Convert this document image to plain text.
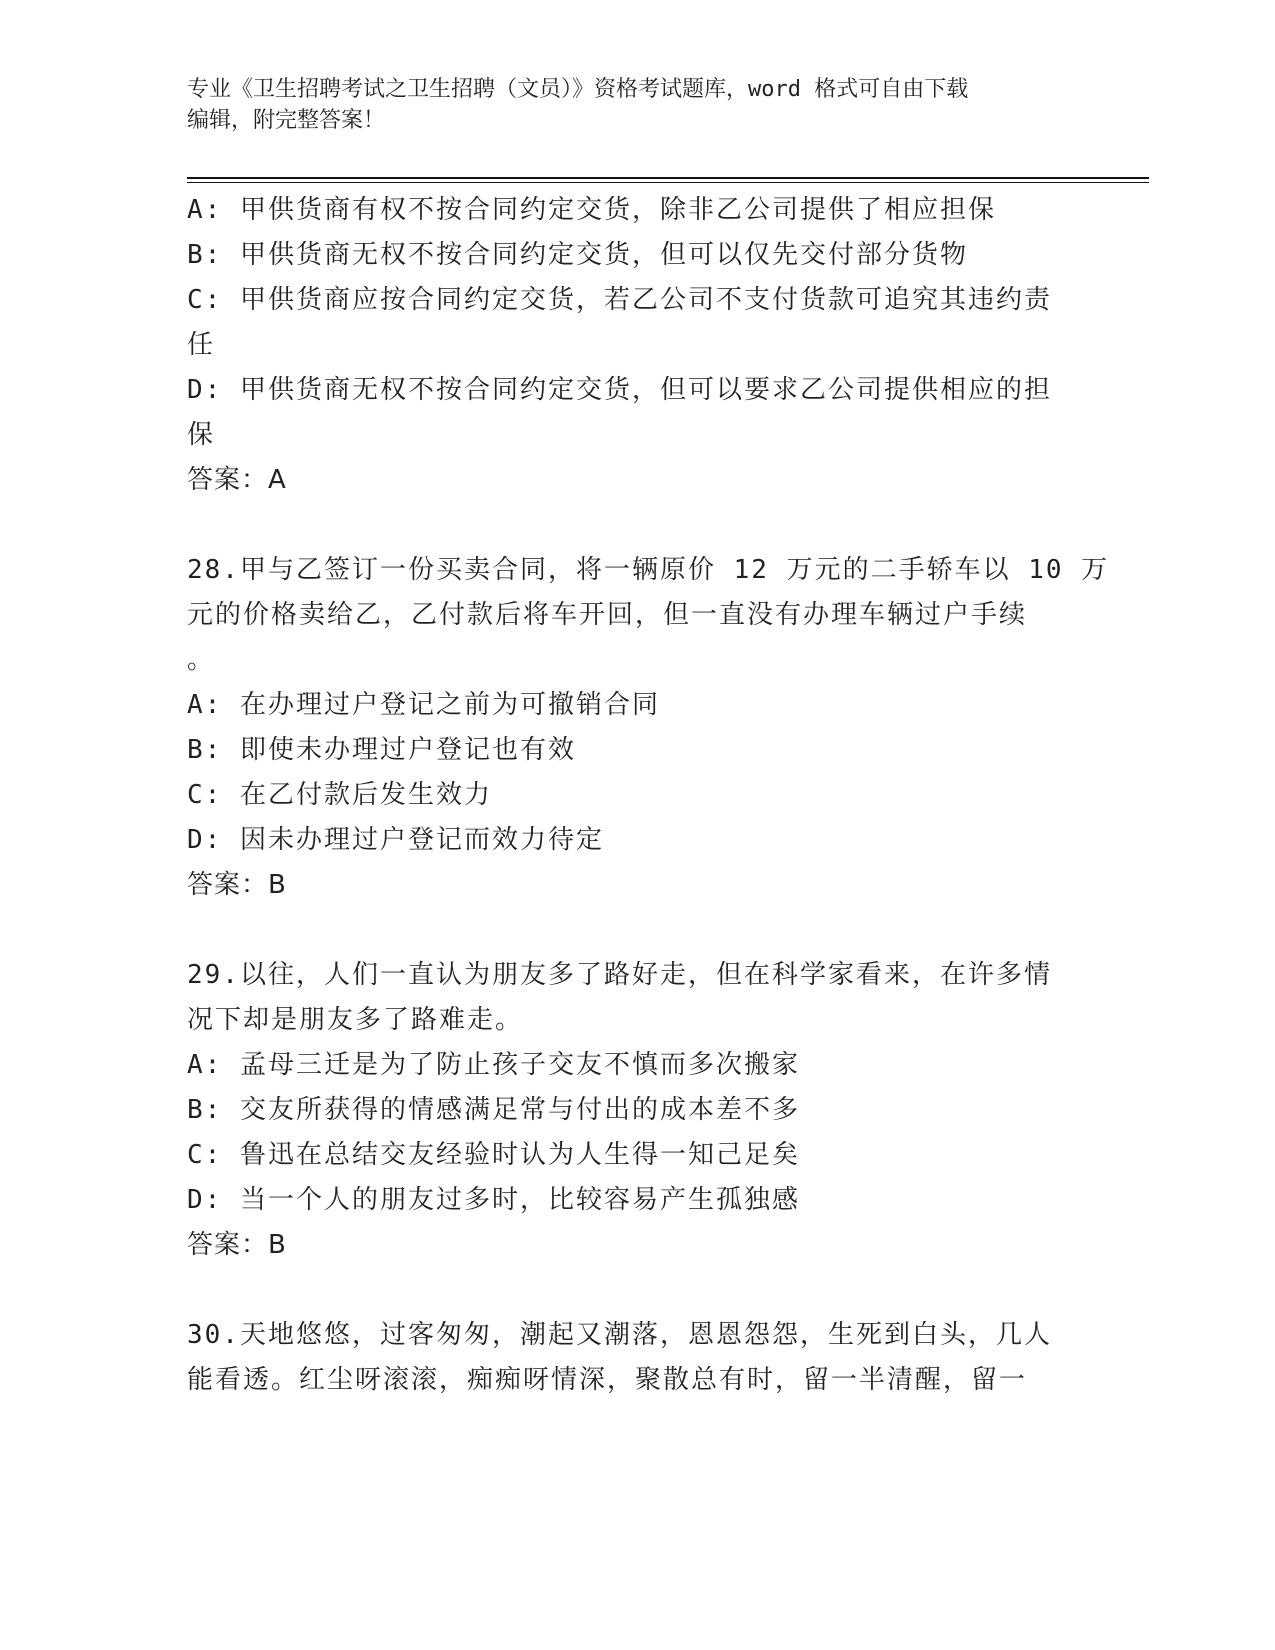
专业《卫生招聘考试之卫生招聘（文员）》资格考试题库，word 格式可自由下载
编辑，附完整答案！
A: 甲供货商有权不按合同约定交货，除非乙公司提供了相应担保
B: 甲供货商无权不按合同约定交货，但可以仅先交付部分货物
C: 甲供货商应按合同约定交货，若乙公司不支付货款可追究其违约责
任
D: 甲供货商无权不按合同约定交货，但可以要求乙公司提供相应的担
保
答案：A
28.甲与乙签订一份买卖合同，将一辆原价 12 万元的二手轿车以 10 万
元的价格卖给乙，乙付款后将车开回，但一直没有办理车辆过户手续
。
A: 在办理过户登记之前为可撤销合同
B: 即使未办理过户登记也有效
C: 在乙付款后发生效力
D: 因未办理过户登记而效力待定
答案：B
29.以往，人们一直认为朋友多了路好走，但在科学家看来，在许多情
况下却是朋友多了路难走。
A: 孟母三迁是为了防止孩子交友不慎而多次搬家
B: 交友所获得的情感满足常与付出的成本差不多
C: 鲁迅在总结交友经验时认为人生得一知己足矣
D: 当一个人的朋友过多时，比较容易产生孤独感
答案：B
30.天地悠悠，过客匆匆，潮起又潮落，恩恩怨怨，生死到白头，几人
能看透。红尘呀滚滚，痴痴呀情深，聚散总有时，留一半清醒，留一
